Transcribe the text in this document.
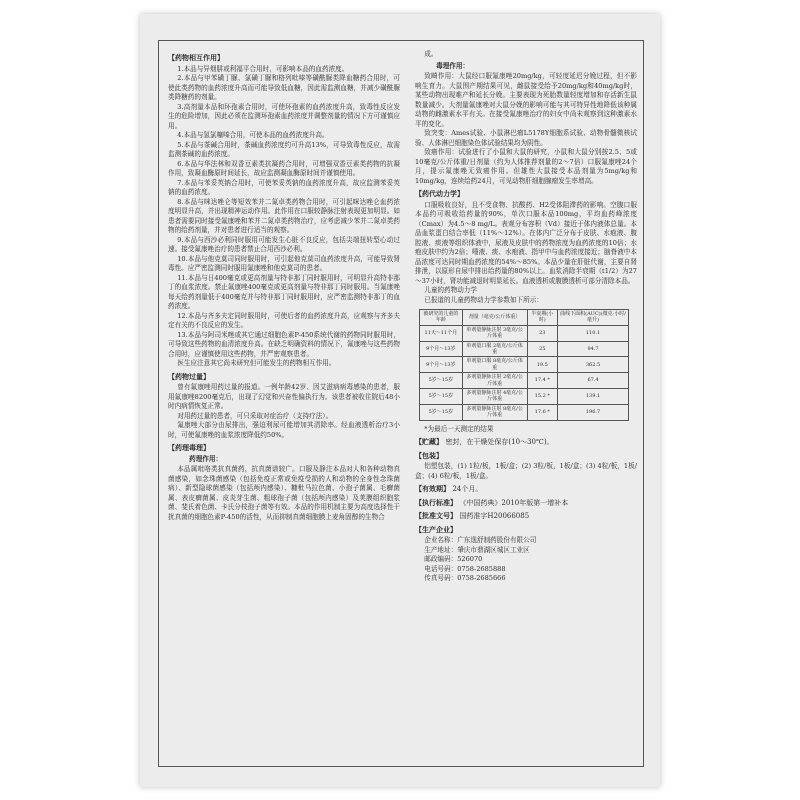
【药物相互作用】

1.本品与异烟肼或利福平合用时，可影响本品的血药浓度。

2.本品与甲苯磺丁脲、氯磺丁脲和格列吡嗪等磺酰脲类降血糖药合用时，可使此类药物的血药浓度升高而可能导致低血糖，因此需监测血糖，并减少磺酰脲类降糖药的剂量。

3.高剂量本品和环孢素合用时，可使环孢素的血药浓度升高，致毒性反应发生的危险增加，因此必须在监测环孢素血药浓度并调整剂量的情况下方可谨慎应用。

4.本品与氢氯噻嗪合用，可使本品的血药浓度升高。

5.本品与茶碱合用时，茶碱血药浓度约可升高13%，可导致毒性反应，故需监测茶碱的血药浓度。

6.本品与华法林和双香豆素类抗凝药合用时，可增强双香豆素类药物的抗凝作用，致凝血酶原时间延长，故应监测凝血酶原时间并谨慎使用。

7.本品与苯妥英钠合用时，可使苯妥英钠的血药浓度升高，故应监测苯妥英钠的血药浓度。

8.本品与咪达唑仑等短效苯并二氮卓类药物合用时，可引起咪达唑仑血药浓度明显升高，并出现精神运动作用。此作用在口服较静脉注射表现更加明显。如患者需要同时接受氟康唑和苯并二氮卓类药物治疗，应考虑减少苯并二氮卓类药物的给药剂量，并对患者进行适当的观察。

9.本品与西沙必利同时服用可能发生心脏不良反应，包括尖端扭转型心动过速。接受氟康唑治疗的患者禁止合用西沙必利。

10.本品与他克莫司同时服用时，可引起他克莫司血药浓度升高，可能导致肾毒性。应严密监测同时服用氟康唑和他克莫司的患者。

11.本品与日400毫克或更高剂量与特非那丁同时服用时，可明显升高特非那丁的血浆浓度。禁止氟康唑400毫克或更高剂量与特非那丁同时服用。当氟康唑每天给药剂量低于400毫克并与特非那丁同时服用时，应严密监测特非那丁的血药浓度。

12.本品与齐多夫定同时服用时，可使后者的血药浓度升高，应观察与齐多夫定有关的不良反应的发生。

13.本品与阿司米唑或其它通过细胞色素P-450系统代谢的药物同时服用时，可导致这些药物的血清浓度升高。在缺乏明确资料的情况下，氟康唑与这些药物合用时，应谨慎使用这些药物，并严密观察患者。

医生应注意其它尚未研究但可能发生的药物相互作用。

【药物过量】

曾有氟康唑用药过量的报道。一例年龄42岁、因艾滋病病毒感染的患者，服用氟康唑8200毫克后，出现了幻觉和兴奋性偏执行为。该患者被收住院后48小时内病情恢复正常。

对用药过量的患者，可只采取对症治疗（支持疗法）。

氟康唑大部分由尿排出，强迫利尿可能增加其清除率。经血液透析治疗3小时，可使氟康唑的血浆浓度降低约50%。

【药理毒理】
药理作用：

本品属吡咯类抗真菌药，抗真菌谱较广。口服及静注本品对人和各种动物真菌感染，如念珠菌感染（包括免疫正常或免疫受损的人和动物的全身性念珠菌病）、新型隐球菌感染（包括颅内感染）、糠秕马拉色菌、小孢子菌属、毛癣菌属、表皮癣菌属、皮炎芽生菌、粗球孢子菌（包括颅内感染）及荚膜组织胞浆菌、斐氏着色菌、卡氏分枝孢子菌等有效。本品的作用机制主要为高度选择性干扰真菌的细胞色素P-450的活性，从而抑制真菌细胞膜上麦角固醇的生物合

成。

毒理作用：

致畸作用：大鼠经口服氟康唑20mg/kg，可轻度延迟分娩过程，但不影响生育力。大鼠围产期结果可见，雌鼠接受给予20mg/kg和40mg/kg时，某些动物出现难产和延长分娩。主要表现为死胎数量轻度增加和存活新生鼠数量减少。大剂量氟康唑对大鼠分娩的影响可能与其可特异性地降低该种属动物的雌激素水平有关。在接受氟康唑治疗的妇女中尚未观察到这种激素水平的变化。

致突变：Ames试验、小鼠淋巴瘤L5178Y细胞系试验、动物骨髓微核试验、人体淋巴细胞染色体试验结果均为阴性。

致癌作用：试验进行了小鼠和大鼠的研究，小鼠和大鼠分别按2.5、5或10毫克/公斤体重/日剂量（约为人体推荐剂量的2～7倍）口服氟康唑24个月，提示氟康唑无致癌作用。但雄性大鼠接受本品剂量为5mg/kg和10mg/kg，连续给药24月，可见动物肝细胞腺瘤发生率增高。

【药代动力学】

口服吸收良好，且不受食物、抗酸药、H2受体阻滞药的影响。空腹口服本品约可吸收给药量的90%，单次口服本品100mg，平均血药峰浓度（Cmax）为4.5～8 mg/L。表观分布容积（Vd）接近于体内液体总量。本品血浆蛋白结合率低（11%～12%）。在体内广泛分布于皮肤、水疱液、腹腔液、痰液等组织体液中，尿液及皮肤中的药物浓度为血药浓度的10倍；水疱皮肤中约为2倍；唾液、痰、水疱液、指甲中与血药浓度接近；脑脊液中本品浓度可达同时期血药浓度的54%～85%。本品少量在肝脏代谢，主要自肾排泄，以原形自尿中排出给药量的80%以上。血浆消除半衰期（t1/2）为27～37小时，肾功能减退时明显延长。血液透析或腹膜透析可部分清除本品。

儿童的药物动力学

已报道的儿童药物动力学参数如下所示：

被研究的儿童的年龄	剂量（毫克/公斤体重）	半衰期(小时)	曲线下面积(AUC)(微克·小时/毫升)
11天～11个月	单剂量静脉注射 3毫克/公斤体重	23	110.1
9个月～13岁	单剂量口服 2毫克/公斤体重	25	94.7
9个月～13岁	单剂量口服 8毫克/公斤体重	19.5	362.5
5岁～15岁	多剂量静脉注射 2毫克/公斤体重	17.4 *	67.4
5岁～15岁	多剂量静脉注射 4毫克/公斤体重	15.2 *	139.1
5岁～15岁	多剂量静脉注射 8毫克/公斤体重	17.6 *	196.7

*为最后一天测定的结果

【贮藏】 密封，在干燥处保存(10～30℃)。
【包装】

铝塑包装，(1) 1粒/板，1板/盒；(2) 3粒/板，1板/盒；(3) 4粒/板，1板/盒；(4) 6粒/板，1板/盒。

【有效期】 24个月。
【执行标准】 《中国药典》2010年版第一增补本
【批准文号】 国药准字H20066085
【生产企业】

企业名称：广东逸舒制药股份有限公司

生产地址：肇庆市鼎湖区城区工业区

邮政编码：526070

电话号码：0758-2685888

传真号码：0758-2685666
